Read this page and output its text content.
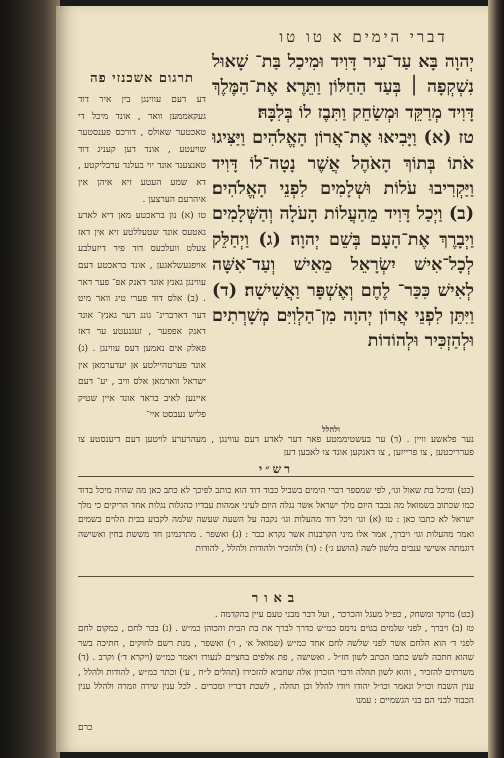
תרגום אשכנזי פה
דברי הימים א טו טו

דע דעם עווינגן בין איר דוד געקאממען וואר , אונד מיכל די טאכטער שאולס , דורכס פענסטער שויעטע , אונד דען קעניג דוד טאנצענד אונד יוי בעלנד ערבליקטע , דא שמע העטע זיא איהן אין איהרעם הערצען .

טז (א) נון בראכטע מאן דיא לאדע גאטעס אונד שטעללטע זיא אין דאז צעלט וועלכעס דוד פיר דיזעלבע אויפגעשלאגען , אונד בראכטע דעם עווינגן גאנץ אונד דאנק אפ־ פער דאר . (ב) אלס דוד פערי טיג וואר מיט דער דארברינ־ גונג דער גאנץ־ אונד דאנק אפפער , זעגנעטע ער דאז פאלק אים נאמען דעס עווינגן . (ג) אונד פערטהיילטע אן יעדערמאן אין ישראל ווארמאן אלס וויב , יע־ דעם איינען לאיב בראד אונד איין שטיק פליש נעבסט איי־

יְהוָה בָּא עַד־עִיר דָּוִיד וּמִיכַל בַּת־ שָׁאוּל נִשְׁקְפָה ׀ בְּעַד הַחַלּוֹן וַתֵּרֶא אֶת־הַמֶּלֶךְ דָּוִיד מְרַקֵּד וּמְשַׂחֵק וַתִּבֶז לוֹ בְּלִבָּהּ׃

טז (א) וַיָּבִיאוּ אֶת־אֲרוֹן הָאֱלֹהִים וַיַּצִּיגוּ אֹתוֹ בְּתוֹךְ הָאֹהֶל אֲשֶׁר נָטָה־לוֹ דָּוִיד וַיַּקְרִיבוּ עֹלוֹת וּשְׁלָמִים לִפְנֵי הָאֱלֹהִים׃ (ב) וַיְכַל דָּוִיד מֵהַעֲלוֹת הָעֹלָה וְהַשְּׁלָמִים וַיְבָרֶךְ אֶת־הָעָם בְּשֵׁם יְהוָה׃ (ג) וַיְחַלֵּק לְכָל־אִישׁ יִשְׂרָאֵל מֵאִישׁ וְעַד־אִשָּׁה לְאִישׁ כִּכַּר־ לֶחֶם וְאֶשְׁפָּר וַאֲשִׁישָׁה׃ (ד) וַיִּתֵּן לִפְנֵי אֲרוֹן יְהוָה מִן־הַלְוִיִּם מְשָׁרְתִים וּלְהַזְכִּיר וּלְהוֹדוֹת

ולהלל
נער פלאשע וויין . (ד) ער בעשטיממטע פאר דער לאדע דעם עווינגן , מעהרערע לויטען דעם דיענסטע צו פערריכטען , צו פרייזען , צו דאנקען אונד צו לאבען דען
רש״י

(כט) ומיכל בת שאול וגו׳, לפי שמספר דברי הימים בשביל כבוד דוד הוא כותב לפיכך לא כתב כאן מה שהיה מיכל בדוד כמו שכתוב בשמואל מה נכבד היום מלך ישראל אשר נגלה היום לעיני אמהות עבדיו כהגלות נגלות אחד הריקים כי מלך ישראל לא כתבו כאן : טז (א) וגו׳ ויכל דוד מהעלות וגו׳ נקבה על השעה שעשה שלמה לקבוע בבית הלוים בשמים ואמר מהעלות וגו׳ ויברך, אמר אלו מיני הקרבנות אשר נקרא כבר : (ג) ואשפר . מתרגמינן חד מששת בחין ואשישה דוגמתה אשישי ענבים בלשון לשה (הושע ג׳) : (ד) ולהזכיר ולהודות ולהלל , להודות

באור

(כט) מרקד ומשחק , כפ״ל מעגל והכרכר , ועל דבר מבני טעם עיין בהקדמה .

טז (ב) ויברך , לפני שלמים בגוים נרמס כמ״ש כדרך לברך את בת הבית והכוהן כמ״ש . (ג) בכר לחם , במקום לחם לפני ד׳ הוא הלחם אשר לפני שלשה לחם אחד כמ״ש (שמואל א׳ , ו׳) ואשפר , מנת רשם לחוקים , חתיכה בשר שהוא חתכה לשש כתבו הכתב לשון חז״ל . ואשישה , פת אלפים בחציים לנעורו ויאמר כמ״ש (ויקרא ד׳) וקרב . (ד) משרתים להזכיר , והוא לשון תהלה ורבוי הזכרון אלה שחביא להזכירו (תהלים ל״ח , ע׳) וכתר כמ״ש , להודות ולהלל , ענין השבח וכו״ל ונאמר וכו״ל יהודו ויודו להלל וכן תהלה , לשכת דבריו ומכרים . לכל ענין שירה וזמרה ולהלל ענין הכבוד לבני הם בני הגשמיים : עמנו

כרם
